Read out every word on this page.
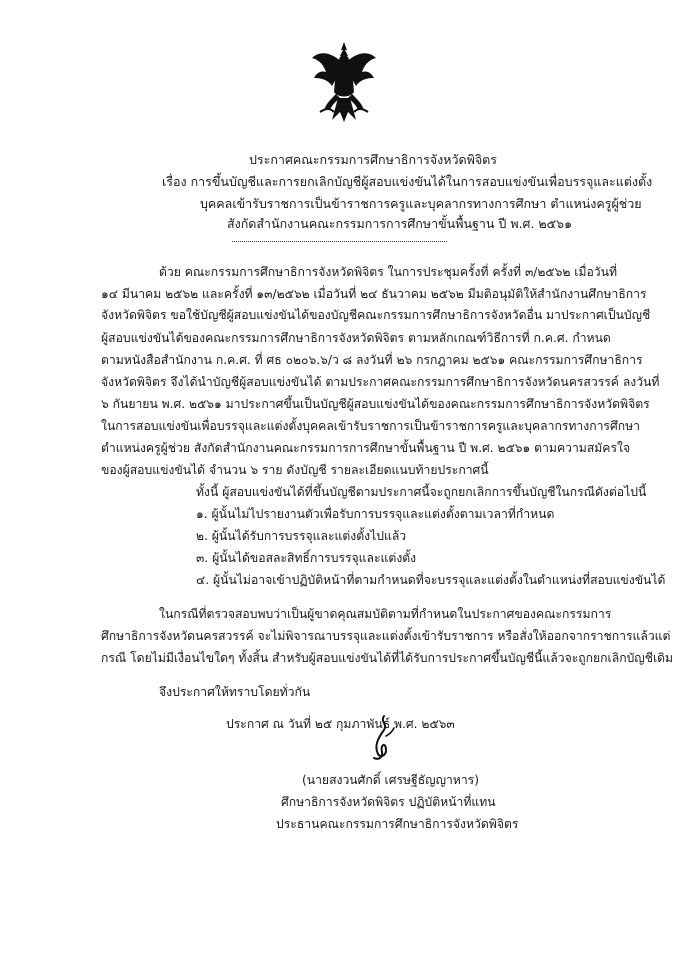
ประกาศคณะกรรมการศึกษาธิการจังหวัดพิจิตร
เรื่อง การขึ้นบัญชีและการยกเลิกบัญชีผู้สอบแข่งขันได้ในการสอบแข่งขันเพื่อบรรจุและแต่งตั้ง
บุคคลเข้ารับราชการเป็นข้าราชการครูและบุคลากรทางการศึกษา ตำแหน่งครูผู้ช่วย
สังกัดสำนักงานคณะกรรมการการศึกษาขั้นพื้นฐาน ปี พ.ศ. ๒๕๖๑
ด้วย คณะกรรมการศึกษาธิการจังหวัดพิจิตร ในการประชุมครั้งที่ ครั้งที่ ๓/๒๕๖๒ เมื่อวันที่
๑๔ มีนาคม ๒๕๖๒ และครั้งที่ ๑๓/๒๕๖๒ เมื่อวันที่ ๒๔ ธันวาคม ๒๕๖๒ มีมติอนุมัติให้สำนักงานศึกษาธิการ
จังหวัดพิจิตร ขอใช้บัญชีผู้สอบแข่งขันได้ของบัญชีคณะกรรมการศึกษาธิการจังหวัดอื่น มาประกาศเป็นบัญชี
ผู้สอบแข่งขันได้ของคณะกรรมการศึกษาธิการจังหวัดพิจิตร ตามหลักเกณฑ์วิธีการที่ ก.ค.ศ. กำหนด
ตามหนังสือสำนักงาน ก.ค.ศ. ที่ ศธ ๐๒๐๖.๖/ว ๘ ลงวันที่ ๒๖ กรกฎาคม ๒๕๖๑ คณะกรรมการศึกษาธิการ
จังหวัดพิจิตร จึงได้นำบัญชีผู้สอบแข่งขันได้ ตามประกาศคณะกรรมการศึกษาธิการจังหวัดนครสวรรค์ ลงวันที่
๖ กันยายน พ.ศ. ๒๕๖๑ มาประกาศขึ้นเป็นบัญชีผู้สอบแข่งขันได้ของคณะกรรมการศึกษาธิการจังหวัดพิจิตร
ในการสอบแข่งขันเพื่อบรรจุและแต่งตั้งบุคคลเข้ารับราชการเป็นข้าราชการครูและบุคลากรทางการศึกษา
ตำแหน่งครูผู้ช่วย สังกัดสำนักงานคณะกรรมการการศึกษาขั้นพื้นฐาน ปี พ.ศ. ๒๕๖๑ ตามความสมัครใจ
ของผู้สอบแข่งขันได้ จำนวน ๖ ราย ดังบัญชี รายละเอียดแนบท้ายประกาศนี้
ทั้งนี้ ผู้สอบแข่งขันได้ที่ขึ้นบัญชีตามประกาศนี้จะถูกยกเลิกการขึ้นบัญชีในกรณีดังต่อไปนี้
๑. ผู้นั้นไม่ไปรายงานตัวเพื่อรับการบรรจุและแต่งตั้งตามเวลาที่กำหนด
๒. ผู้นั้นได้รับการบรรจุและแต่งตั้งไปแล้ว
๓. ผู้นั้นได้ขอสละสิทธิ์การบรรจุและแต่งตั้ง
๔. ผู้นั้นไม่อาจเข้าปฏิบัติหน้าที่ตามกำหนดที่จะบรรจุและแต่งตั้งในตำแหน่งที่สอบแข่งขันได้
ในกรณีที่ตรวจสอบพบว่าเป็นผู้ขาดคุณสมบัติตามที่กำหนดในประกาศของคณะกรรมการ
ศึกษาธิการจังหวัดนครสวรรค์ จะไม่พิจารณาบรรจุและแต่งตั้งเข้ารับราชการ หรือสั่งให้ออกจากราชการแล้วแต่
กรณี โดยไม่มีเงื่อนไขใดๆ ทั้งสิ้น สำหรับผู้สอบแข่งขันได้ที่ได้รับการประกาศขึ้นบัญชีนี้แล้วจะถูกยกเลิกบัญชีเดิม
จึงประกาศให้ทราบโดยทั่วกัน
ประกาศ ณ วันที่ ๒๕ กุมภาพันธ์ พ.ศ. ๒๕๖๓
(นายสงวนศักดิ์ เศรษฐีธัญญาหาร)
ศึกษาธิการจังหวัดพิจิตร ปฏิบัติหน้าที่แทน
ประธานคณะกรรมการศึกษาธิการจังหวัดพิจิตร
